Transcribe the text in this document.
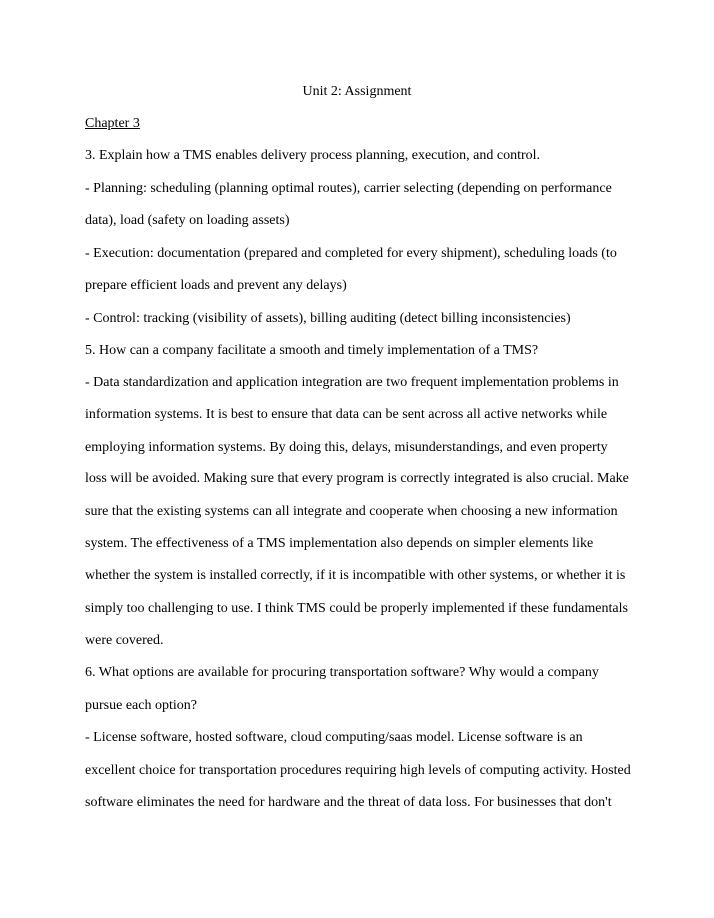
Unit 2: Assignment
Chapter 3
3. Explain how a TMS enables delivery process planning, execution, and control.
- Planning: scheduling (planning optimal routes), carrier selecting (depending on performance
data), load (safety on loading assets)
- Execution: documentation (prepared and completed for every shipment), scheduling loads (to
prepare efficient loads and prevent any delays)
- Control: tracking (visibility of assets), billing auditing (detect billing inconsistencies)
5. How can a company facilitate a smooth and timely implementation of a TMS?
- Data standardization and application integration are two frequent implementation problems in
information systems. It is best to ensure that data can be sent across all active networks while
employing information systems. By doing this, delays, misunderstandings, and even property
loss will be avoided. Making sure that every program is correctly integrated is also crucial. Make
sure that the existing systems can all integrate and cooperate when choosing a new information
system. The effectiveness of a TMS implementation also depends on simpler elements like
whether the system is installed correctly, if it is incompatible with other systems, or whether it is
simply too challenging to use. I think TMS could be properly implemented if these fundamentals
were covered.
6. What options are available for procuring transportation software? Why would a company
pursue each option?
- License software, hosted software, cloud computing/saas model. License software is an
excellent choice for transportation procedures requiring high levels of computing activity. Hosted
software eliminates the need for hardware and the threat of data loss. For businesses that don't
